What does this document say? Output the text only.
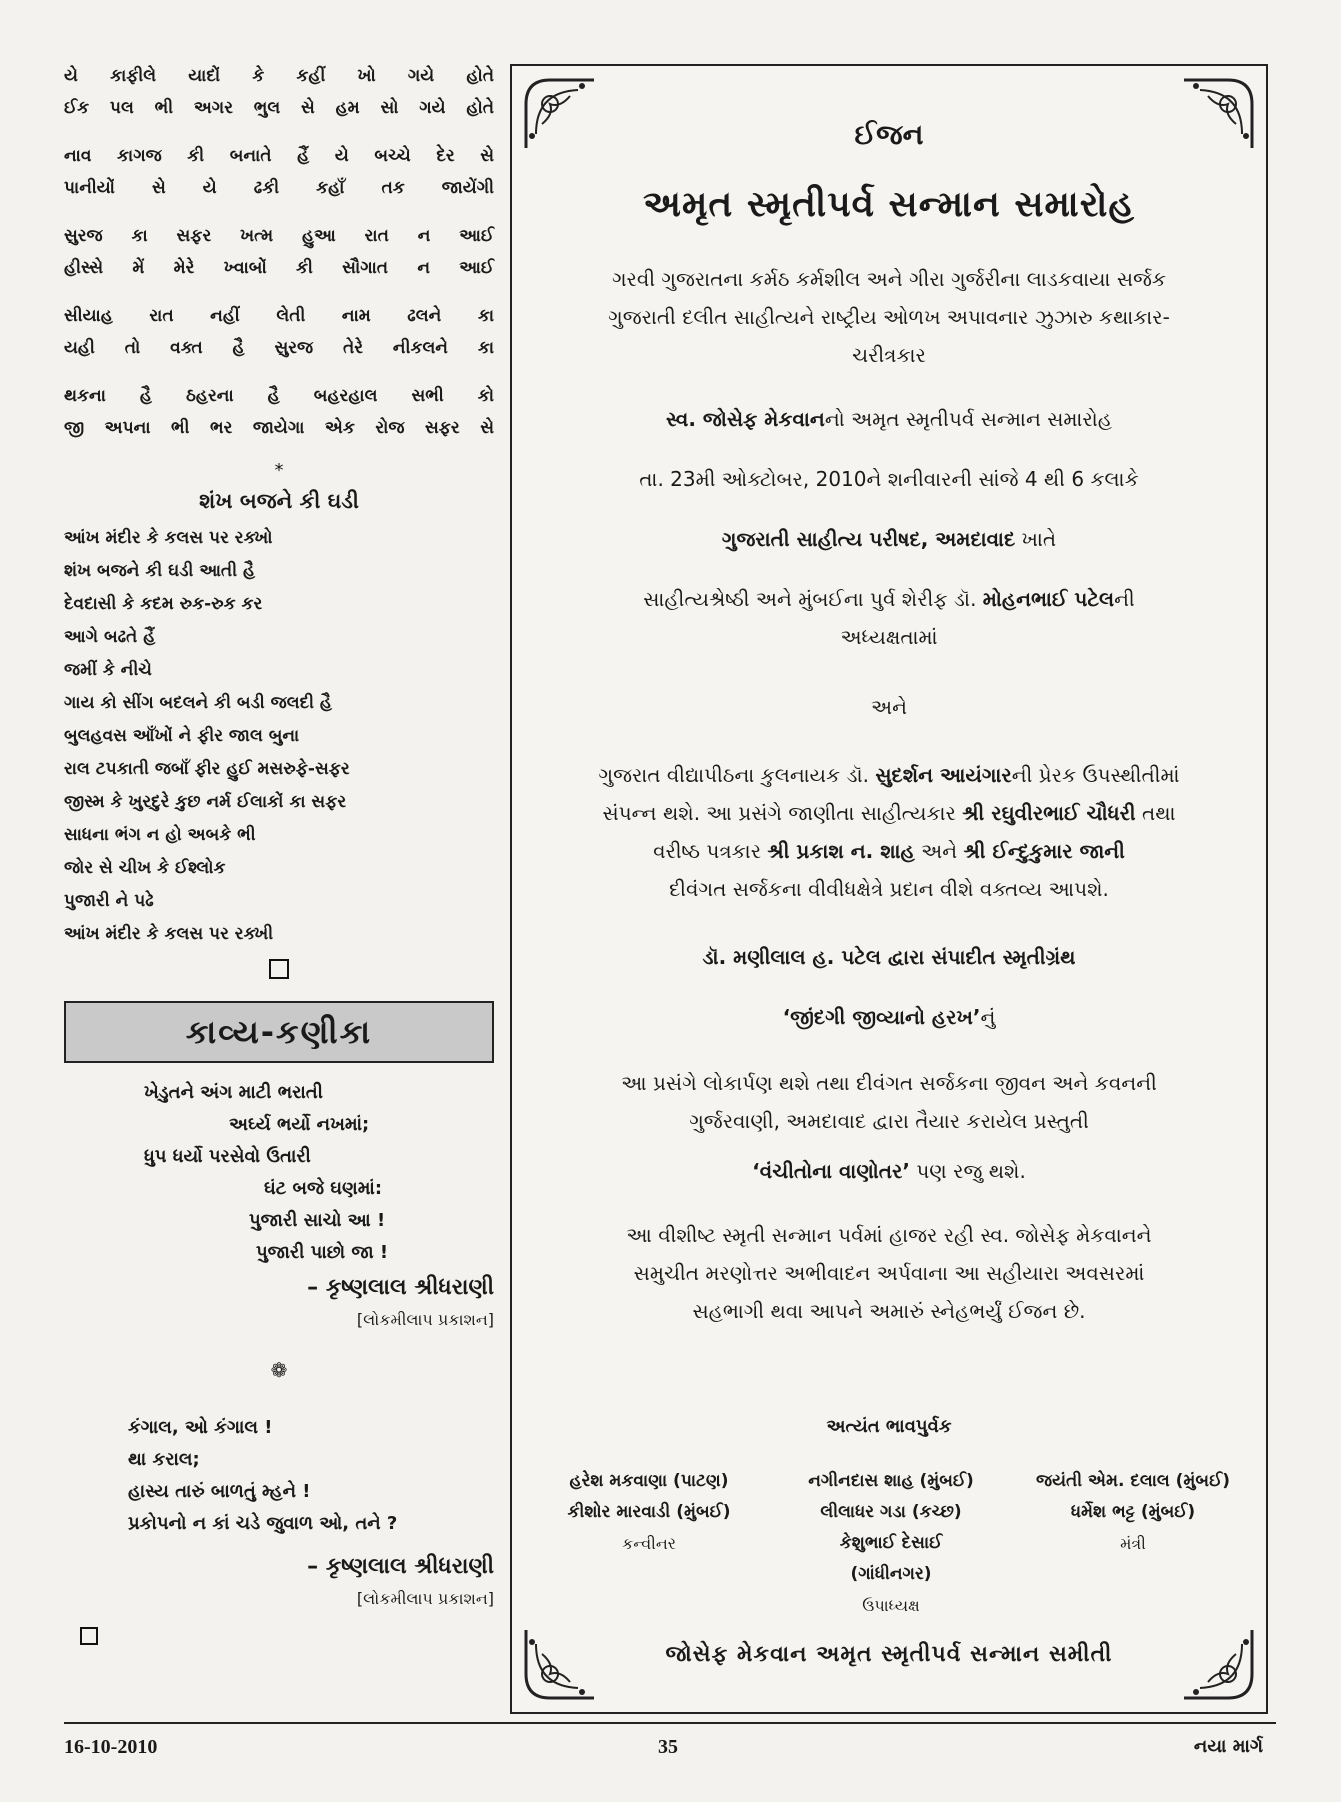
યે કાફીલે યાદોં કે કહીં ખો ગયે હોતે
ઈક પલ ભી અગર ભુલ સે હમ સો ગયે હોતે
નાવ કાગજ કી બનાતે હૈં યે બચ્ચે દેર સે
પાનીયોં સે યે ઢકી કહાઁ તક જાયેંગી
સુરજ કા સફર ખત્મ હુઆ રાત ન આઈ
હીસ્સે મેં મેરે ખ્વાબોં કી સૌગાત ન આઈ
સીયાહ રાત નહીં લેતી નામ ઢલને કા
યહી તો વક્ત હૈ સુરજ તેરે નીકલને કા
થકના હૈ ઠહરના હૈ બહરહાલ સભી કો
જી અપના ભી ભર જાયેગા એક રોજ સફર સે
*
શંખ બજને કી ઘડી
આંખ મંદીર કે કલસ પર રક્ખો
શંખ બજને કી ઘડી આતી હૈ
દેવદાસી કે કદમ રુક-રુક કર
આગે બઢતે હૈં
જમીં કે નીચે
ગાય કો સીંગ બદલને કી બડી જલદી હૈ
બુલહવસ આઁખોં ને ફીર જાલ બુના
રાલ ટપકાતી જબાઁ ફીર હુઈ મસરુફે-સફર
જીસ્મ કે ખુરદુરે કુછ નર્મ ઈલાકોં કા સફર
સાધના ભંગ ન હો અબકે ભી
જોર સે ચીખ કે ઈશ્લોક
પુજારી ને પઢે
આંખ મંદીર કે કલસ પર રક્ખી
કાવ્ય-કણીકા
ખેડુતને અંગ માટી ભરાતી
અર્ઘ્ય ભર્યો નખમાં;
ધુપ ધર્યો પરસેવો ઉતારી
ઘંટ બજે ઘણમાં:
પુજારી સાચો આ !
પુજારી પાછો જા !
– કૃષ્ણલાલ શ્રીધરાણી
[લોકમીલાપ પ્રકાશન]
❁
કંગાલ, ઓ કંગાલ !
થા કરાલ;
હાસ્ય તારું બાળતું મ્હને !
પ્રકોપનો ન કાં ચડે જુવાળ ઓ, તને ?
– કૃષ્ણલાલ શ્રીધરાણી
[લોકમીલાપ પ્રકાશન]
ઈજન
અમૃત સ્મૃતીપર્વ સન્માન સમારોહ
ગરવી ગુજરાતના કર્મઠ કર્મશીલ અને ગીરા ગુર્જરીના લાડકવાયા સર્જક
ગુજરાતી દલીત સાહીત્યને રાષ્ટ્રીય ઓળખ અપાવનાર ઝુઝારુ કથાકાર-
ચરીત્રકાર
સ્વ. જોસેફ મેકવાનનો અમૃત સ્મૃતીપર્વ સન્માન સમારોહ
તા. 23મી ઓક્ટોબર, 2010ને શનીવારની સાંજે 4 થી 6 કલાકે
ગુજરાતી સાહીત્ય પરીષદ, અમદાવાદ ખાતે
સાહીત્યશ્રેષ્ઠી અને મુંબઈના પુર્વ શેરીફ ડૉ. મોહનભાઈ પટેલની
અધ્યક્ષતામાં
અને
ગુજરાત વીદ્યાપીઠના કુલનાયક ડૉ. સુદર્શન આયંગારની પ્રેરક ઉપસ્થીતીમાં
સંપન્ન થશે. આ પ્રસંગે જાણીતા સાહીત્યકાર શ્રી રઘુવીરભાઈ ચૌધરી તથા
વરીષ્ઠ પત્રકાર શ્રી પ્રકાશ ન. શાહ અને શ્રી ઈન્દુકુમાર જાની
દીવંગત સર્જકના વીવીધક્ષેત્રે પ્રદાન વીશે વક્તવ્ય આપશે.
ડૉ. મણીલાલ હ. પટેલ દ્વારા સંપાદીત સ્મૃતીગ્રંથ
‘જીંદગી જીવ્યાનો હરખ’નું
આ પ્રસંગે લોકાર્પણ થશે તથા દીવંગત સર્જકના જીવન અને કવનની
ગુર્જરવાણી, અમદાવાદ દ્વારા તૈયાર કરાયેલ પ્રસ્તુતી
‘વંચીતોના વાણોતર’ પણ રજુ થશે.
આ વીશીષ્ટ સ્મૃતી સન્માન પર્વમાં હાજર રહી સ્વ. જોસેફ મેકવાનને
સમુચીત મરણોત્તર અભીવાદન અર્પવાના આ સહીયારા અવસરમાં
સહભાગી થવા આપને અમારું સ્નેહભર્યું ઈજન છે.
અત્યંત ભાવપુર્વક
હરેશ મકવાણા (પાટણ)
કીશોર મારવાડી (મુંબઈ)
કન્વીનર
નગીનદાસ શાહ (મુંબઈ)
લીલાધર ગડા (કચ્છ)
કેશુભાઈ દેસાઈ
(ગાંધીનગર)
ઉપાધ્યક્ષ
જયંતી એમ. દલાલ (મુંબઈ)
ધર્મેશ ભટ્ટ (મુંબઈ)
મંત્રી
જોસેફ મેકવાન અમૃત સ્મૃતીપર્વ સન્માન સમીતી
16-10-2010	35	નયા માર્ગ
